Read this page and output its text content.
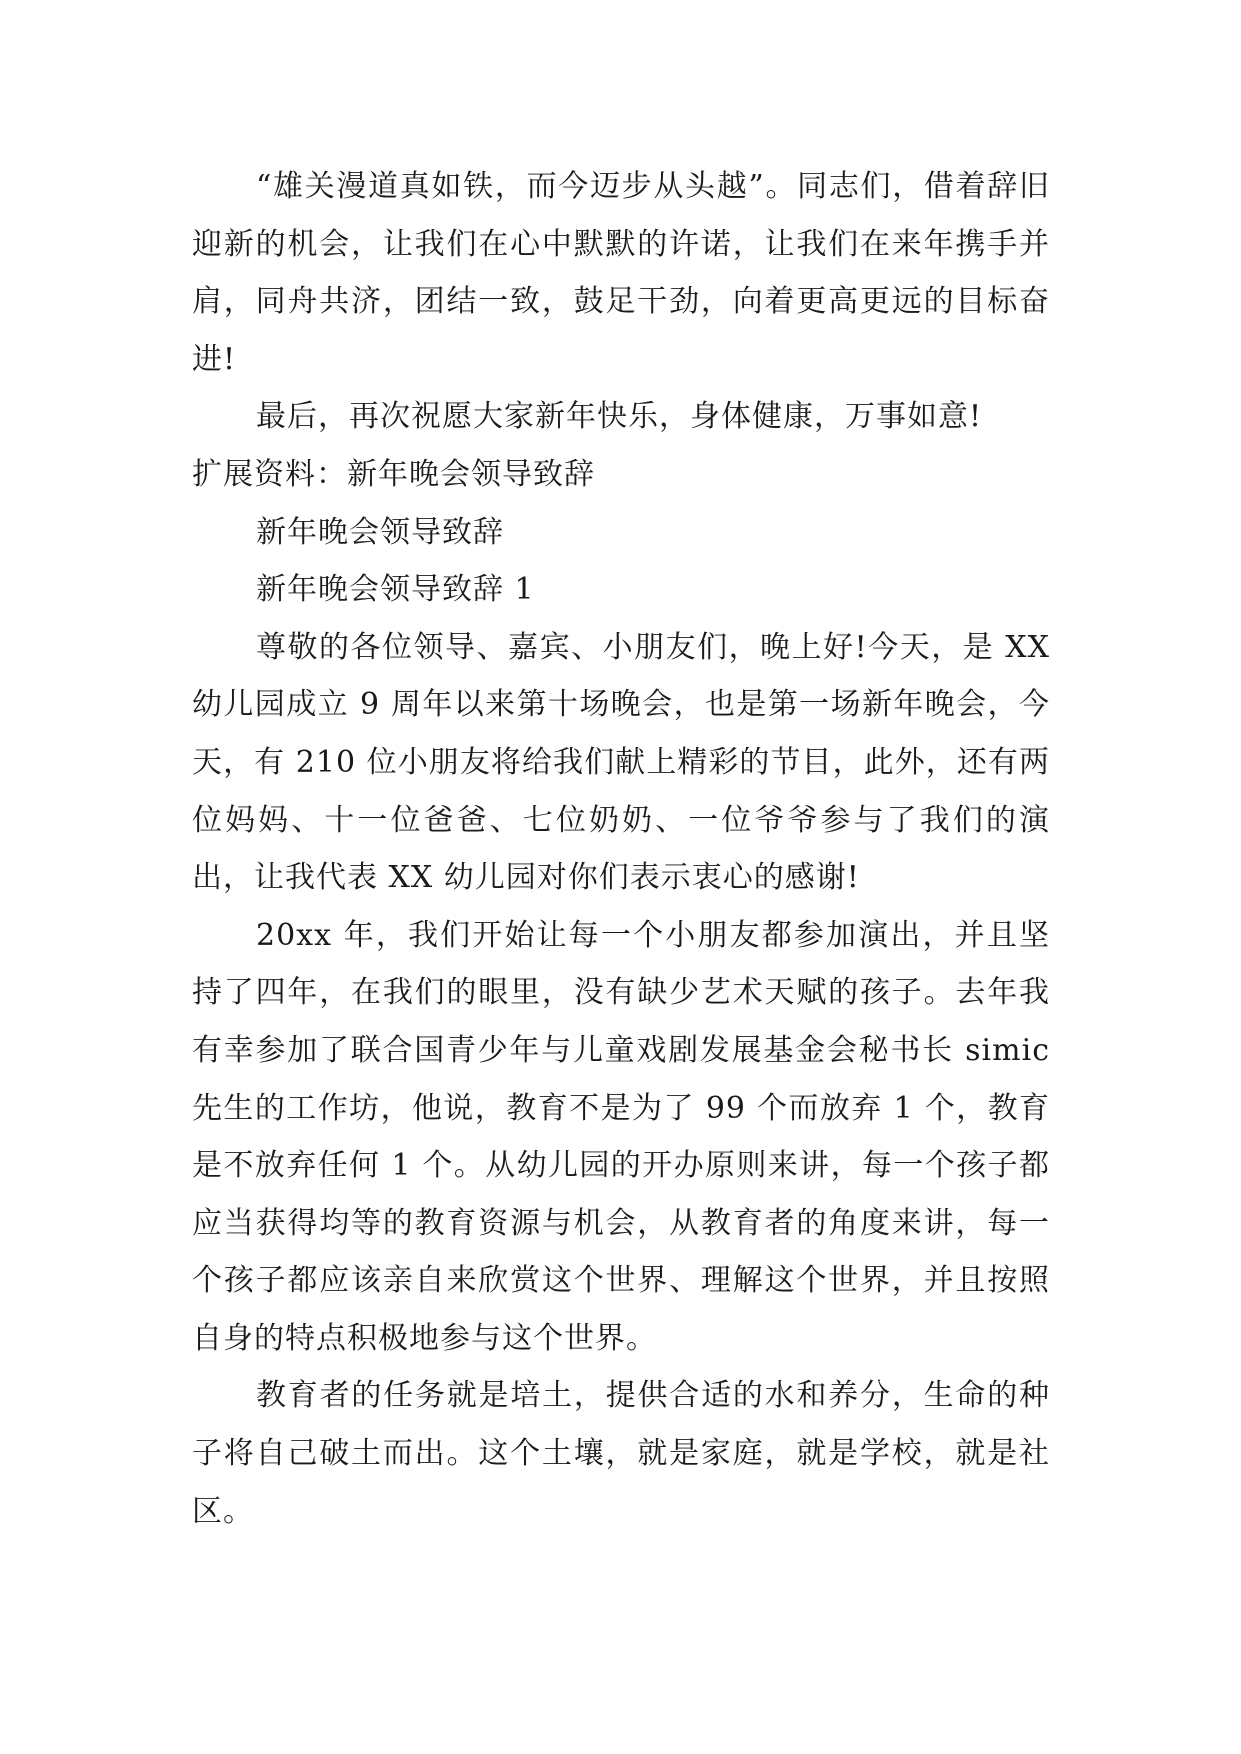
“雄关漫道真如铁，而今迈步从头越”。同志们，借着辞旧迎新的机会，让我们在心中默默的许诺，让我们在来年携手并肩，同舟共济，团结一致，鼓足干劲，向着更高更远的目标奋进!

最后，再次祝愿大家新年快乐，身体健康，万事如意!

扩展资料：新年晚会领导致辞

新年晚会领导致辞

新年晚会领导致辞 1

尊敬的各位领导、嘉宾、小朋友们，晚上好!今天，是 XX 幼儿园成立 9 周年以来第十场晚会，也是第一场新年晚会，今天，有 210 位小朋友将给我们献上精彩的节目，此外，还有两位妈妈、十一位爸爸、七位奶奶、一位爷爷参与了我们的演出，让我代表 XX 幼儿园对你们表示衷心的感谢!

20xx 年，我们开始让每一个小朋友都参加演出，并且坚持了四年，在我们的眼里，没有缺少艺术天赋的孩子。去年我有幸参加了联合国青少年与儿童戏剧发展基金会秘书长 simic 先生的工作坊，他说，教育不是为了 99 个而放弃 1 个，教育是不放弃任何 1 个。从幼儿园的开办原则来讲，每一个孩子都应当获得均等的教育资源与机会，从教育者的角度来讲，每一个孩子都应该亲自来欣赏这个世界、理解这个世界，并且按照自身的特点积极地参与这个世界。

教育者的任务就是培土，提供合适的水和养分，生命的种子将自己破土而出。这个土壤，就是家庭，就是学校，就是社区。
